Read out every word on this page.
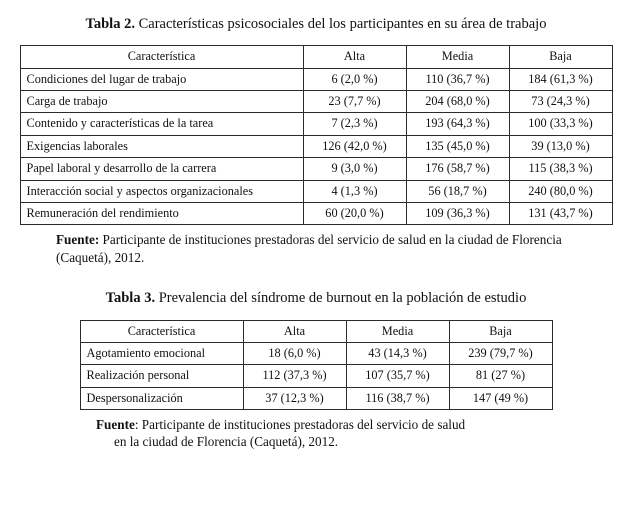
Tabla 2. Características psicosociales del los participantes en su área de trabajo
Característica	Alta	Media	Baja
Condiciones del lugar de trabajo	6 (2,0 %)	110 (36,7 %)	184 (61,3 %)
Carga de trabajo	23 (7,7 %)	204 (68,0 %)	73 (24,3 %)
Contenido y características de la tarea	7 (2,3 %)	193 (64,3 %)	100 (33,3 %)
Exigencias laborales	126 (42,0 %)	135 (45,0 %)	39 (13,0 %)
Papel laboral y desarrollo de la carrera	9 (3,0 %)	176 (58,7 %)	115 (38,3 %)
Interacción social y aspectos organizacionales	4 (1,3 %)	56 (18,7 %)	240 (80,0 %)
Remuneración del rendimiento	60 (20,0 %)	109 (36,3 %)	131 (43,7 %)
Fuente: Participante de instituciones prestadoras del servicio de salud en la ciudad de Florencia (Caquetá), 2012.
Tabla 3. Prevalencia del síndrome de burnout en la población de estudio
Característica	Alta	Media	Baja
Agotamiento emocional	18 (6,0 %)	43 (14,3 %)	239 (79,7 %)
Realización personal	112 (37,3 %)	107 (35,7 %)	81 (27 %)
Despersonalización	37 (12,3 %)	116 (38,7 %)	147 (49 %)
Fuente: Participante de instituciones prestadoras del servicio de salud
en la ciudad de Florencia (Caquetá), 2012.
